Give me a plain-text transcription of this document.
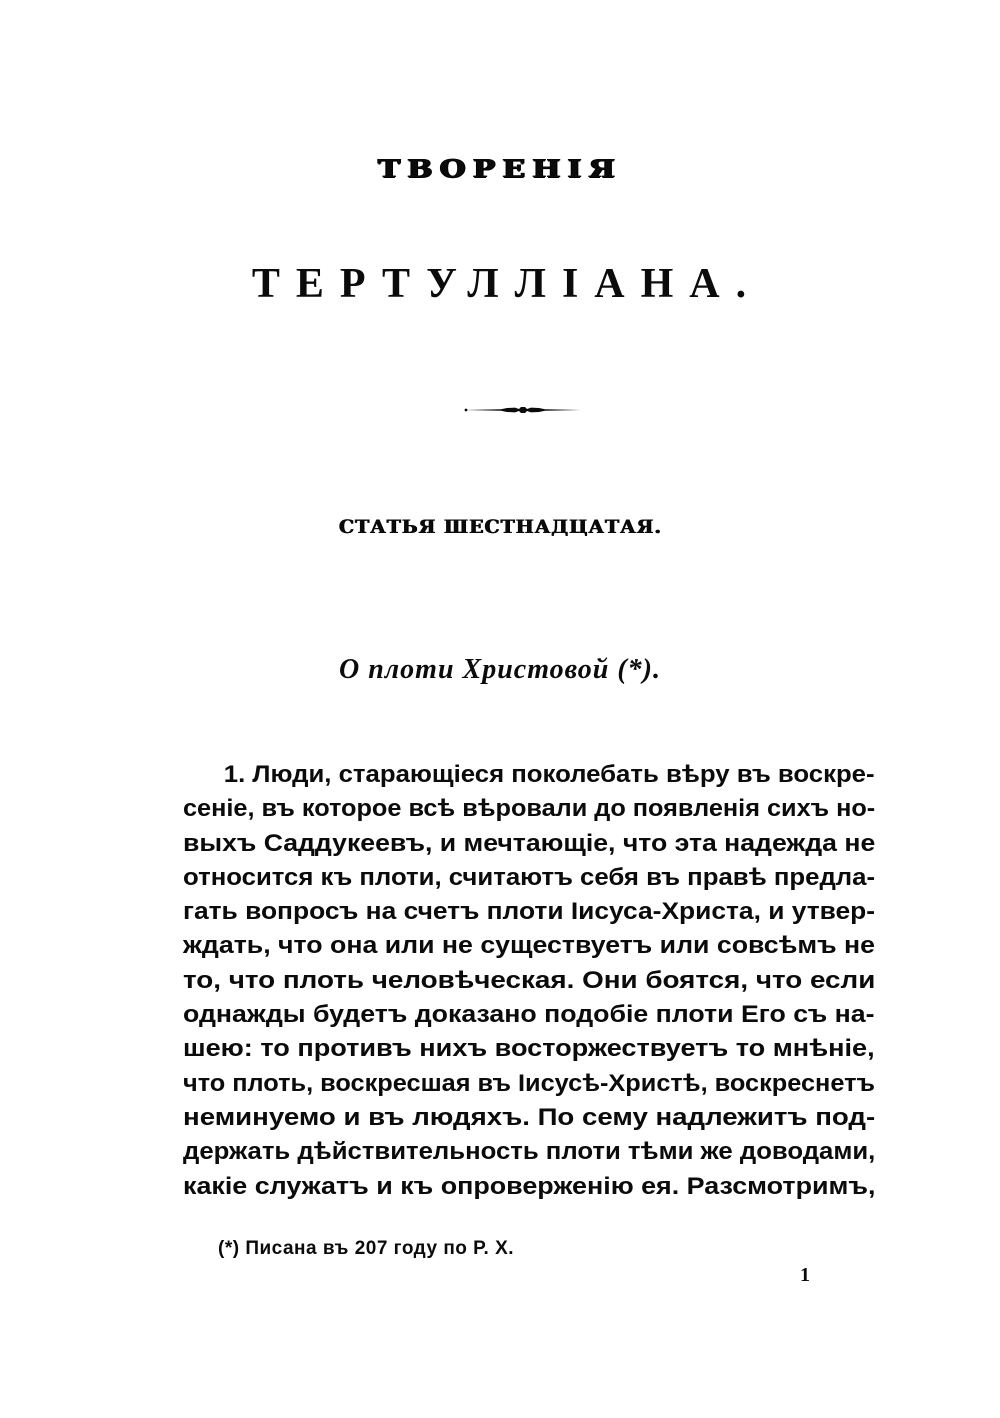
ТВОРЕНІЯ
ТЕРТУЛЛІАНА.
СТАТЬЯ ШЕСТНАДЦАТАЯ.
О плоти Христовой (*).
1. Люди, старающіеся поколебать вѣру въ воскре-
сеніе, въ которое всѣ вѣровали до появленія сихъ но-
выхъ Саддукеевъ, и мечтающіе, что эта надежда не
относится къ плоти, считаютъ себя въ правѣ предла-
гать вопросъ на счетъ плоти Іисуса-Христа, и утвер-
ждать, что она или не существуетъ или совсѣмъ не
то, что плоть человѣческая. Они боятся, что если
однажды будетъ доказано подобіе плоти Его съ на-
шею: то противъ нихъ восторжествуетъ то мнѣніе,
что плоть, воскресшая въ Іисусѣ-Христѣ, воскреснетъ
неминуемо и въ людяхъ. По сему надлежитъ под-
держать дѣйствительность плоти тѣми же доводами,
какіе служатъ и къ опроверженію ея. Разсмотримъ,
(*) Писана въ 207 году по Р. Х.
1
